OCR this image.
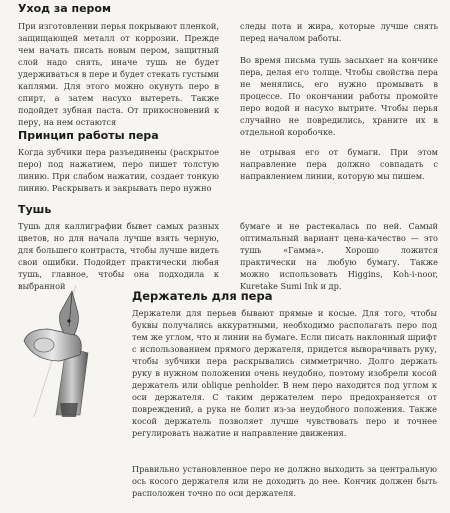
Уход за пером

При изготовлении перья покрывают пленкой, защищающей металл от коррозии. Прежде чем начать писать новым пером, защитный слой надо снять, иначе тушь не будет удерживаться в пере и будет стекать густыми каплями. Для этого можно окунуть перо в спирт, а затем насухо вытереть. Также подойдет зубная паста. От прикосновений к перу, на нем остаются

следы пота и жира, которые лучше снять перед началом работы.

Во время письма тушь засыхает на кончике пера, делая его толще. Чтобы свойства пера не менялись, его нужно промывать в процессе. По окончании работы промойте перо водой и насухо вытрите. Чтобы перья случайно не повредились, храните их в отдельной коробочке.

Принцип работы пера

Когда зубчики пера разъединены (раскрытое перо) под нажатием, перо пишет толстую линию. При слабом нажатии, создает тонкую линию. Раскрывать и закрывать перо нужно

не отрывая его от бумаги. При этом направление пера должно совпадать с направлением линии, которую мы пишем.

Тушь

Тушь для каллиграфии бывет самых разных цветов, но для начала лучше взять черную, для большего контраста, чтобы лучше видеть свои ошибки. Подойдет практически любая тушь, главное, чтобы она подходила к выбранной

бумаге и не растекалась по ней. Самый оптимальный вариант цена-качество — это тушь «Гамма». Хорошо ложится практически на любую бумагу. Также можно использовать Higgins, Koh-i-noor, Kuretake Sumi Ink и др.

Держатель для пера

Держатели для перьев бывают прямые и косые. Для того, чтобы буквы получались аккуратными, необходимо располагать перо под тем же углом, что и линии на бумаге. Если писать наклонный шрифт с использованием прямого держателя, придется выворачивать руку, чтобы зубчики пера раскрывались симметрично. Долго держать руку в нужном положении очень неудобно, поэтому изобрели косой держатель или oblique penholder. В нем перо находится под углом к оси держателя. С таким держателем перо предохраняется от повреждений, а рука не болит из-за неудобного положения. Также косой держатель позволяет лучше чувствовать перо и точнее регулировать нажатие и направление движения.

Правильно установленное перо не должно выходить за центральную ось косого держателя или не доходить до нее. Кончик должен быть расположен точно по оси держателя.
